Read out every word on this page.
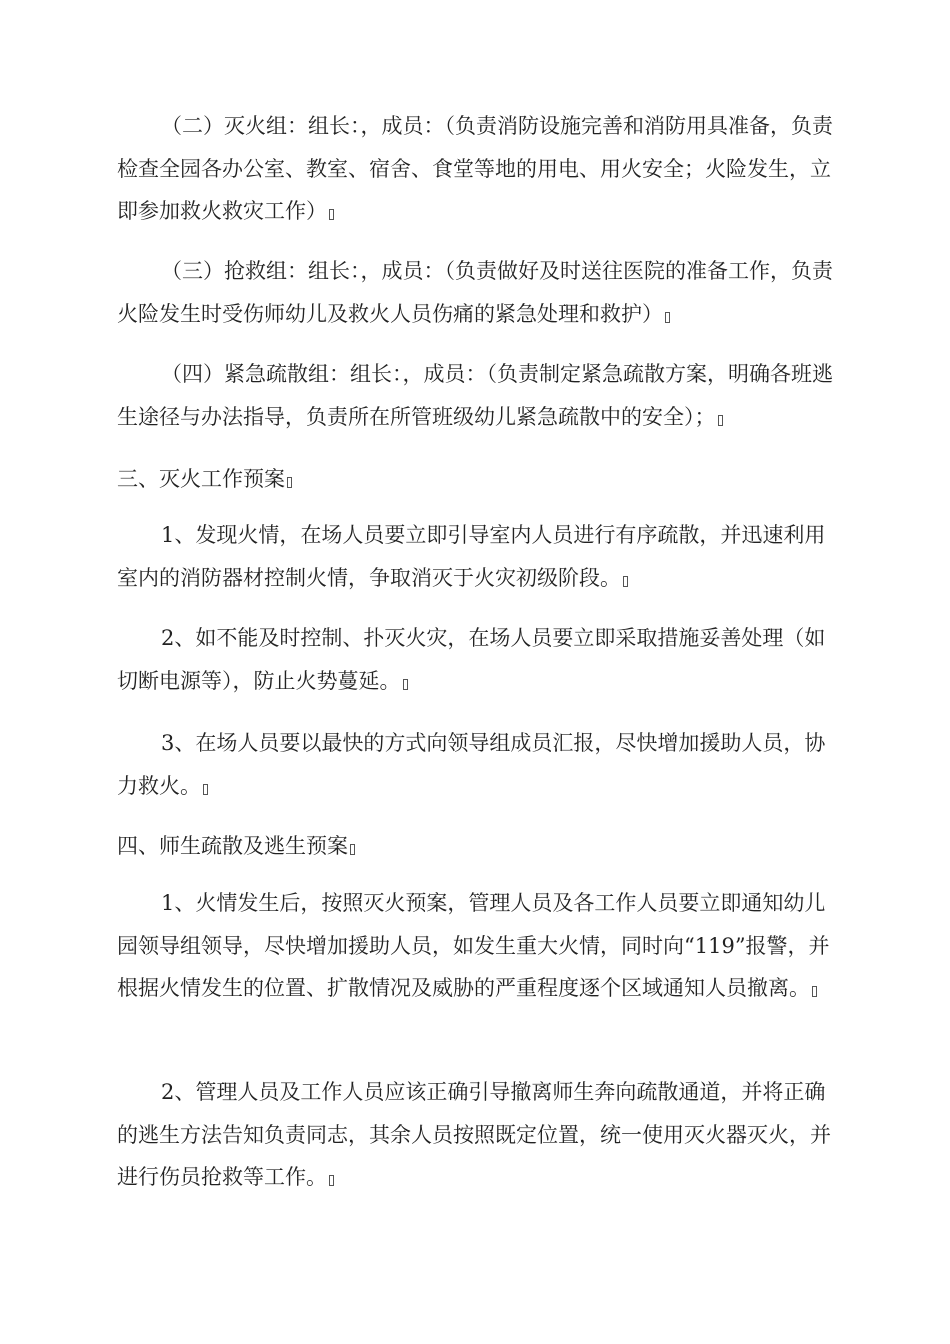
（二）灭火组：组长：，成员：（负责消防设施完善和消防用具准备，负责检查全园各办公室、教室、宿舍、食堂等地的用电、用火安全；火险发生，立即参加救火救灾工作）

（三）抢救组：组长：，成员：（负责做好及时送往医院的准备工作，负责火险发生时受伤师幼儿及救火人员伤痛的紧急处理和救护）

（四）紧急疏散组：组长：，成员：（负责制定紧急疏散方案，明确各班逃生途径与办法指导，负责所在所管班级幼儿紧急疏散中的安全）；

三、灭火工作预案

1、发现火情，在场人员要立即引导室内人员进行有序疏散，并迅速利用室内的消防器材控制火情，争取消灭于火灾初级阶段。

2、如不能及时控制、扑灭火灾，在场人员要立即采取措施妥善处理（如切断电源等），防止火势蔓延。

3、在场人员要以最快的方式向领导组成员汇报，尽快增加援助人员，协力救火。

四、师生疏散及逃生预案

1、火情发生后，按照灭火预案，管理人员及各工作人员要立即通知幼儿园领导组领导，尽快增加援助人员，如发生重大火情，同时向“119”报警，并根据火情发生的位置、扩散情况及威胁的严重程度逐个区域通知人员撤离。

2、管理人员及工作人员应该正确引导撤离师生奔向疏散通道，并将正确的逃生方法告知负责同志，其余人员按照既定位置，统一使用灭火器灭火，并进行伤员抢救等工作。
